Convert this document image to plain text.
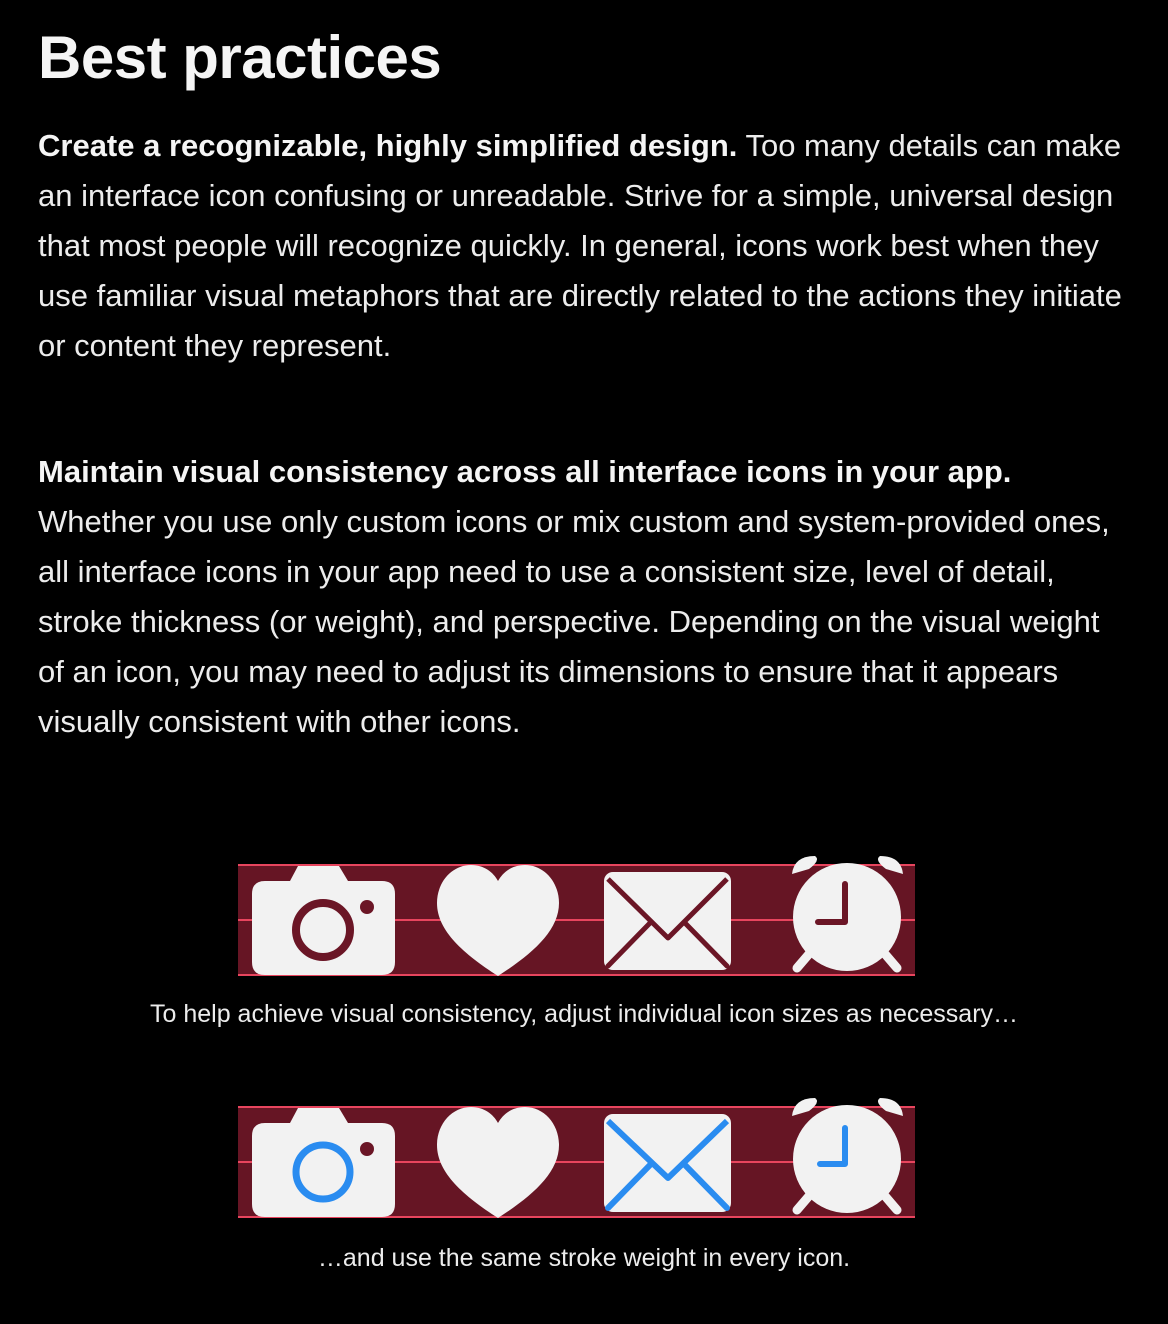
Best practices

Create a recognizable, highly simplified design. Too many details can make an interface icon confusing or unreadable. Strive for a simple, universal design that most people will recognize quickly. In general, icons work best when they use familiar visual metaphors that are directly related to the actions they initiate or content they represent.

Maintain visual consistency across all interface icons in your app. Whether you use only custom icons or mix custom and system-provided ones, all interface icons in your app need to use a consistent size, level of detail, stroke thickness (or weight), and perspective. Depending on the visual weight of an icon, you may need to adjust its dimensions to ensure that it appears visually consistent with other icons.

To help achieve visual consistency, adjust individual icon sizes as necessary…

…and use the same stroke weight in every icon.
